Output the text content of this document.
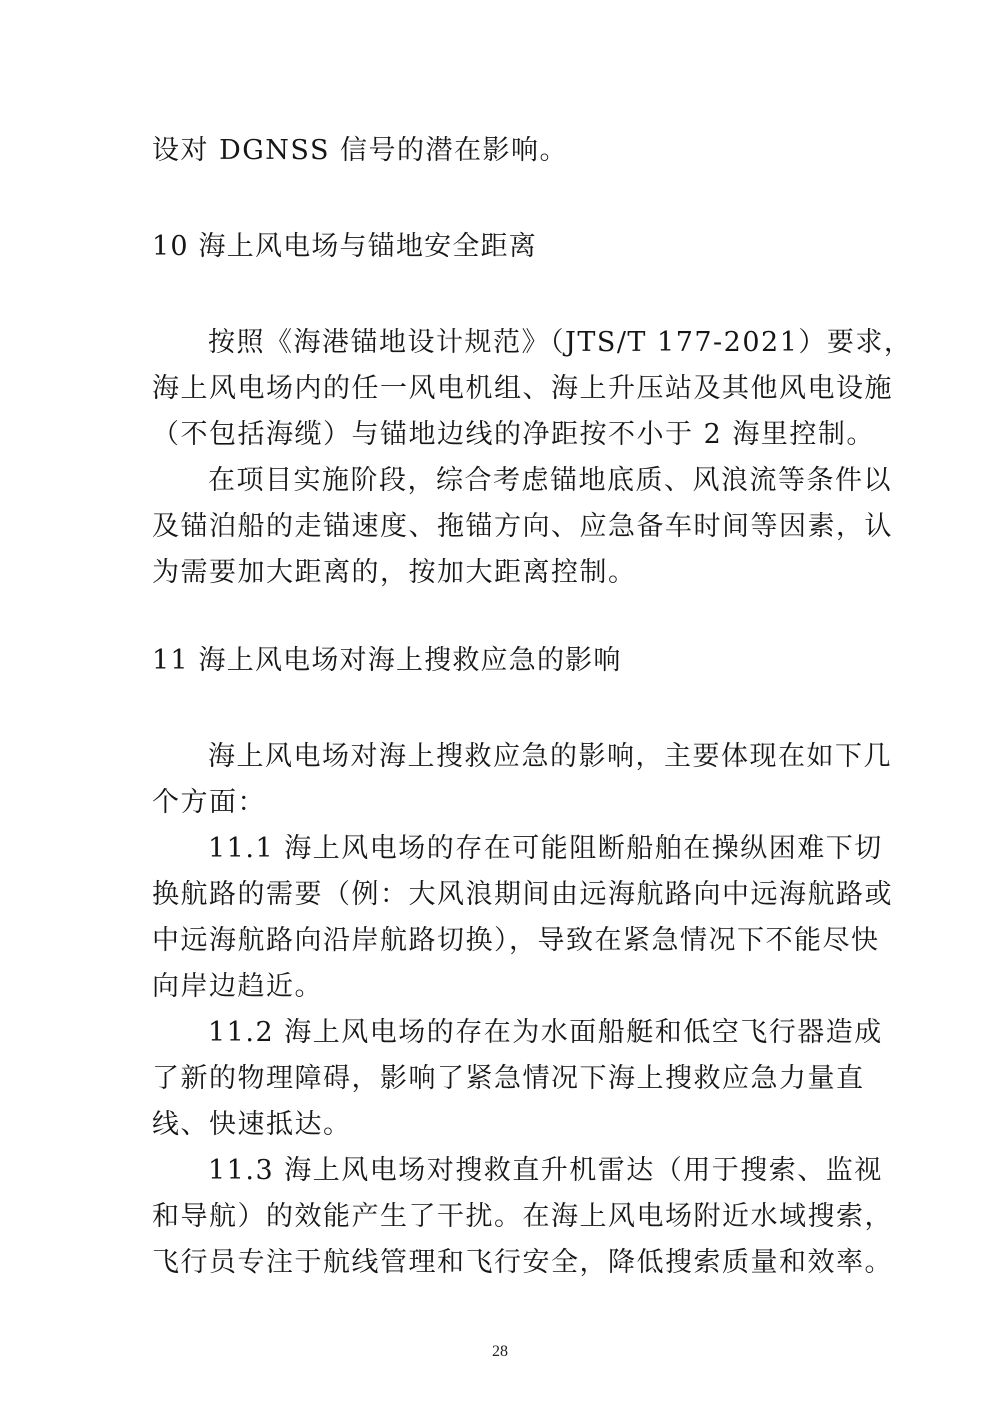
设对 DGNSS 信号的潜在影响。
10 海上风电场与锚地安全距离
按照《海港锚地设计规范》（JTS/T 177-2021）要求，
海上风电场内的任一风电机组、海上升压站及其他风电设施
（不包括海缆）与锚地边线的净距按不小于 2 海里控制。
在项目实施阶段，综合考虑锚地底质、风浪流等条件以
及锚泊船的走锚速度、拖锚方向、应急备车时间等因素，认
为需要加大距离的，按加大距离控制。
11 海上风电场对海上搜救应急的影响
海上风电场对海上搜救应急的影响，主要体现在如下几
个方面：
11.1 海上风电场的存在可能阻断船舶在操纵困难下切
换航路的需要（例：大风浪期间由远海航路向中远海航路或
中远海航路向沿岸航路切换），导致在紧急情况下不能尽快
向岸边趋近。
11.2 海上风电场的存在为水面船艇和低空飞行器造成
了新的物理障碍，影响了紧急情况下海上搜救应急力量直
线、快速抵达。
11.3 海上风电场对搜救直升机雷达（用于搜索、监视
和导航）的效能产生了干扰。在海上风电场附近水域搜索，
飞行员专注于航线管理和飞行安全，降低搜索质量和效率。
28
